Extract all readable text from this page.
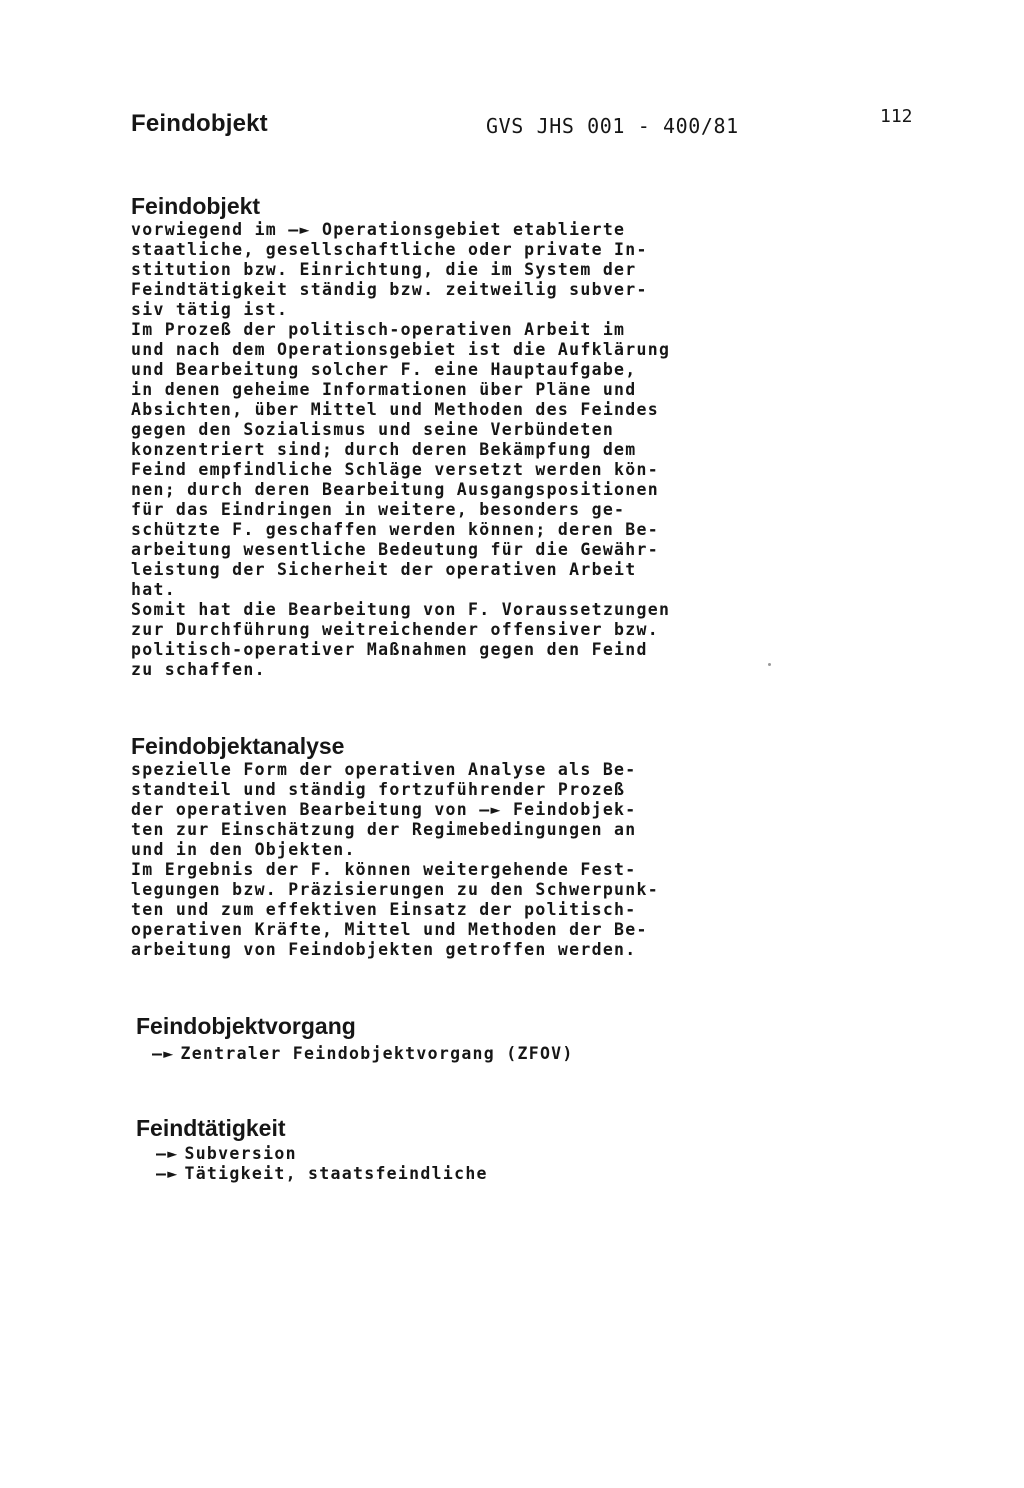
Feindobjekt	GVS JHS 001 - 400/81	112
Feindobjekt
vorwiegend im —► Operationsgebiet etablierte
staatliche, gesellschaftliche oder private In-
stitution bzw. Einrichtung, die im System der
Feindtätigkeit ständig bzw. zeitweilig subver-
siv tätig ist.
Im Prozeß der politisch-operativen Arbeit im
und nach dem Operationsgebiet ist die Aufklärung
und Bearbeitung solcher F. eine Hauptaufgabe,
in denen geheime Informationen über Pläne und
Absichten, über Mittel und Methoden des Feindes
gegen den Sozialismus und seine Verbündeten
konzentriert sind; durch deren Bekämpfung dem
Feind empfindliche Schläge versetzt werden kön-
nen; durch deren Bearbeitung Ausgangspositionen
für das Eindringen in weitere, besonders ge-
schützte F. geschaffen werden können; deren Be-
arbeitung wesentliche Bedeutung für die Gewähr-
leistung der Sicherheit der operativen Arbeit
hat.
Somit hat die Bearbeitung von F. Voraussetzungen
zur Durchführung weitreichender offensiver bzw.
politisch-operativer Maßnahmen gegen den Feind
zu schaffen.
Feindobjektanalyse
spezielle Form der operativen Analyse als Be-
standteil und ständig fortzuführender Prozeß
der operativen Bearbeitung von —► Feindobjek-
ten zur Einschätzung der Regimebedingungen an
und in den Objekten.
Im Ergebnis der F. können weitergehende Fest-
legungen bzw. Präzisierungen zu den Schwerpunk-
ten und zum effektiven Einsatz der politisch-
operativen Kräfte, Mittel und Methoden der Be-
arbeitung von Feindobjekten getroffen werden.
Feindobjektvorgang
—► Zentraler Feindobjektvorgang (ZFOV)
Feindtätigkeit
—► Subversion
—► Tätigkeit, staatsfeindliche
